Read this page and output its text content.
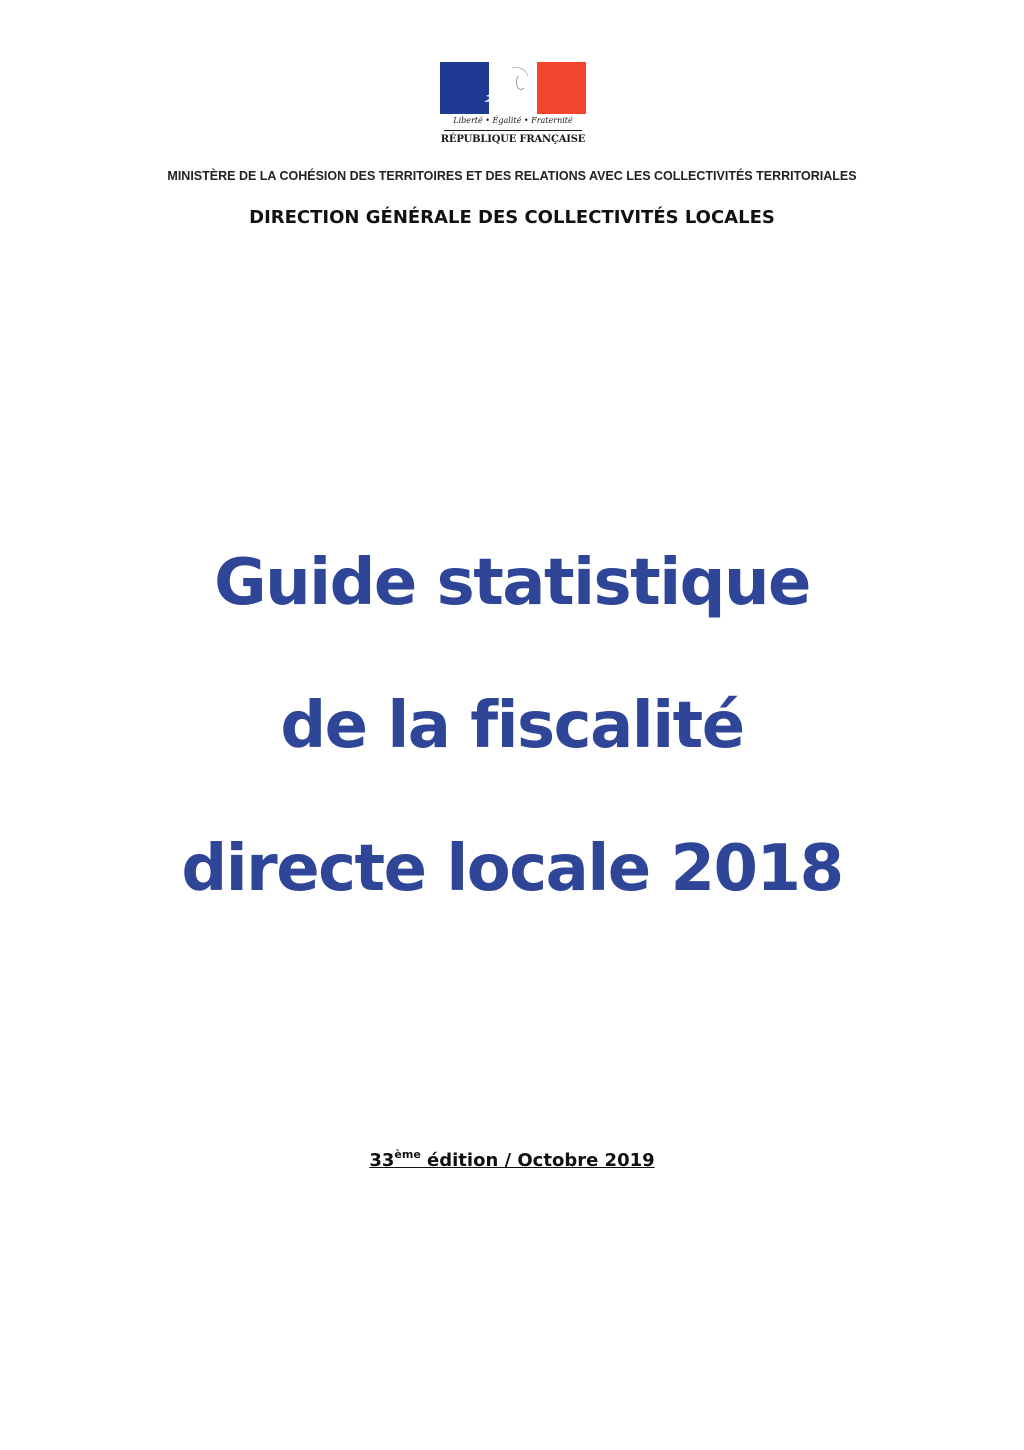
Liberté • Égalité • Fraternité
RÉPUBLIQUE FRANÇAISE
MINISTÈRE DE LA COHÉSION DES TERRITOIRES ET DES RELATIONS AVEC LES COLLECTIVITÉS TERRITORIALES
DIRECTION GÉNÉRALE DES COLLECTIVITÉS LOCALES
Guide statistique
de la fiscalité
directe locale 2018
33ème édition / Octobre 2019
